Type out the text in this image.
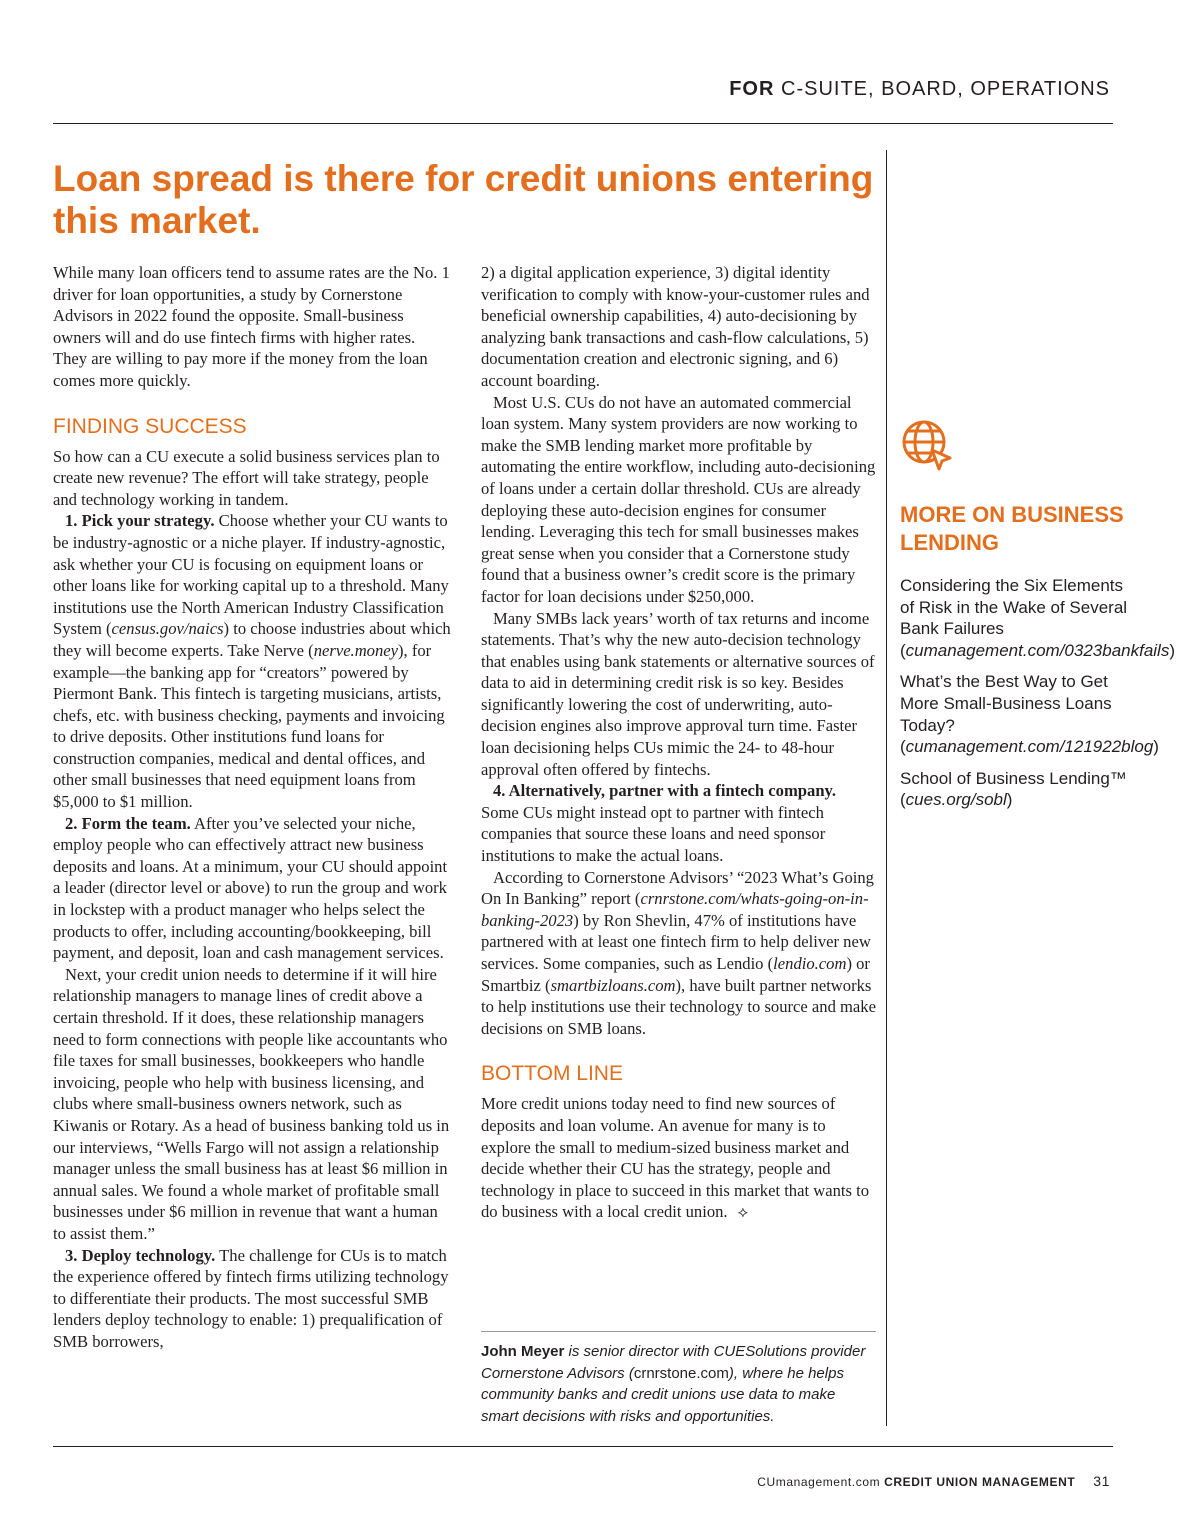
FOR C-SUITE, BOARD, OPERATIONS
Loan spread is there for credit unions entering this market.

While many loan officers tend to assume rates are the No. 1 driver for loan opportunities, a study by Cornerstone Advisors in 2022 found the opposite. Small-business owners will and do use fintech firms with higher rates. They are willing to pay more if the money from the loan comes more quickly.

FINDING SUCCESS

So how can a CU execute a solid business services plan to create new revenue? The effort will take strategy, people and technology working in tandem.

1. Pick your strategy. Choose whether your CU wants to be industry-agnostic or a niche player. If industry-agnostic, ask whether your CU is focusing on equipment loans or other loans like for working capital up to a threshold. Many institutions use the North American Industry Classification System (census.gov/naics) to choose industries about which they will become experts. Take Nerve (nerve.money), for example—the banking app for “creators” powered by Piermont Bank. This fintech is targeting musicians, artists, chefs, etc. with business checking, payments and invoicing to drive deposits. Other institutions fund loans for construction companies, medical and dental offices, and other small businesses that need equipment loans from $5,000 to $1 million.

2. Form the team. After you’ve selected your niche, employ people who can effectively attract new business deposits and loans. At a minimum, your CU should appoint a leader (director level or above) to run the group and work in lockstep with a product manager who helps select the products to offer, including accounting/bookkeeping, bill payment, and deposit, loan and cash management services.

Next, your credit union needs to determine if it will hire relationship managers to manage lines of credit above a certain threshold. If it does, these relationship managers need to form connections with people like accountants who file taxes for small businesses, bookkeepers who handle invoicing, people who help with business licensing, and clubs where small-business owners network, such as Kiwanis or Rotary. As a head of business banking told us in our interviews, “Wells Fargo will not assign a relationship manager unless the small business has at least $6 million in annual sales. We found a whole market of profitable small businesses under $6 million in revenue that want a human to assist them.”

3. Deploy technology. The challenge for CUs is to match the experience offered by fintech firms utilizing technology to differentiate their products. The most successful SMB lenders deploy technology to enable: 1) prequalification of SMB borrowers,

2) a digital application experience, 3) digital identity verification to comply with know-your-customer rules and beneficial ownership capabilities, 4) auto-decisioning by analyzing bank transactions and cash-flow calculations, 5) documentation creation and electronic signing, and 6) account boarding.

Most U.S. CUs do not have an automated commercial loan system. Many system providers are now working to make the SMB lending market more profitable by automating the entire workflow, including auto-decisioning of loans under a certain dollar threshold. CUs are already deploying these auto-decision engines for consumer lending. Leveraging this tech for small businesses makes great sense when you consider that a Cornerstone study found that a business owner’s credit score is the primary factor for loan decisions under $250,000.

Many SMBs lack years’ worth of tax returns and income statements. That’s why the new auto-decision technology that enables using bank statements or alternative sources of data to aid in determining credit risk is so key. Besides significantly lowering the cost of underwriting, auto-decision engines also improve approval turn time. Faster loan decisioning helps CUs mimic the 24- to 48-hour approval often offered by fintechs.

4. Alternatively, partner with a fintech company. Some CUs might instead opt to partner with fintech companies that source these loans and need sponsor institutions to make the actual loans.

According to Cornerstone Advisors’ “2023 What’s Going On In Banking” report (crnrstone.com/whats-going-on-in-banking-2023) by Ron Shevlin, 47% of institutions have partnered with at least one fintech firm to help deliver new services. Some companies, such as Lendio (lendio.com) or Smartbiz (smartbizloans.com), have built partner networks to help institutions use their technology to source and make decisions on SMB loans.

BOTTOM LINE

More credit unions today need to find new sources of deposits and loan volume. An avenue for many is to explore the small to medium-sized business market and decide whether their CU has the strategy, people and technology in place to succeed in this market that wants to do business with a local credit union. ⟡

John Meyer is senior director with CUESolutions provider Cornerstone Advisors (crnrstone.com), where he helps community banks and credit unions use data to make smart decisions with risks and opportunities.
MORE ON BUSINESS LENDING
Considering the Six Elements of Risk in the Wake of Several Bank Failures
(cumanagement.com/0323bankfails)
What’s the Best Way to Get More Small-Business Loans Today?
(cumanagement.com/121922blog)
School of Business Lending™
(cues.org/sobl)
CUmanagement.com CREDIT UNION MANAGEMENT 31
